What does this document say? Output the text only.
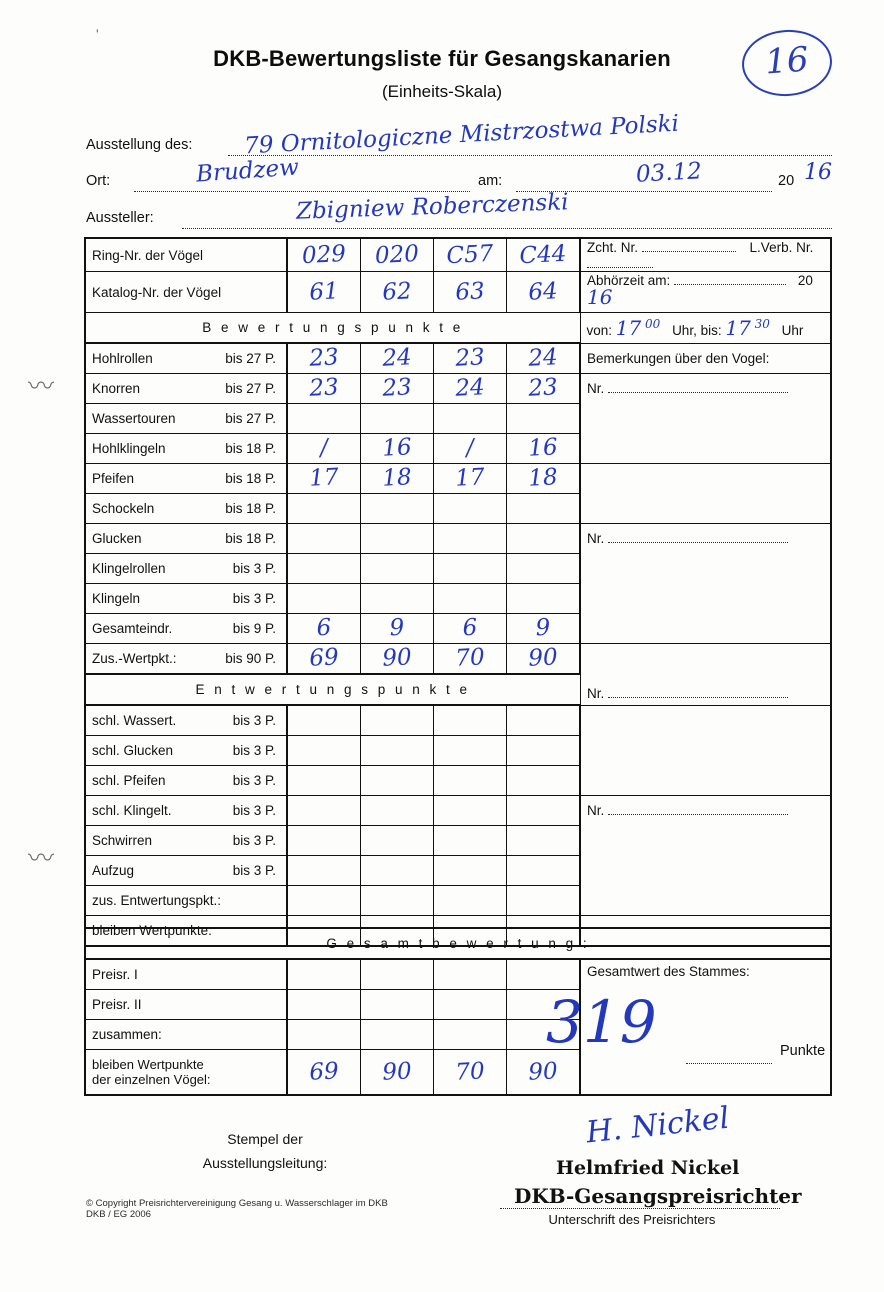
DKB-Bewertungsliste für Gesangskanarien
(Einheits-Skala)
16
Ausstellung des: 79 Ornitologiczne Mistrzostwa Polski
Ort:	Brudzew	am:	03.12	20 16
Aussteller:	Zbigniew Roberczenski
Ring-Nr. der Vögel	029	020	C57	C44	Zcht. Nr. L.Verb. Nr.
Katalog-Nr. der Vögel	61	62	63	64	Abhörzeit am: 20 16
B e w e r t u n g s p u n k t e					von: 17 00 Uhr, bis: 17 30 Uhr
Hohlrollen bis 27 P.	23	24	23	24	Bemerkungen über den Vogel:
Knorren bis 27 P.	23	23	24	23	Nr.
Wassertouren bis 27 P.					

Hohlklingeln bis 18 P.	/	16	/	16	

Pfeifen bis 18 P.	17	18	17	18	

Schockeln bis 18 P.					

Glucken bis 18 P.					Nr.
Klingelrollen bis 3 P.					

Klingeln bis 3 P.					

Gesamteindr. bis 9 P.	6	9	6	9	

Zus.-Wertpkt.: bis 90 P.	69	90	70	90	Nr.
E n t w e r t u n g s p u n k t e					
schl. Wassert. bis 3 P.					

schl. Glucken bis 3 P.					

schl. Pfeifen bis 3 P.					

schl. Klingelt. bis 3 P.					Nr.
Schwirren bis 3 P.					

Aufzug bis 3 P.					

zus. Entwertungspkt.:		

bleiben Wertpunkte:	

G e s a m t b e w e r t u n g :					
Preisr. I					Gesamtwert des Stammes:
Preisr. II		

zusammen:		

bleiben Wertpunkte
der einzelnen Vögel:	69	90	70	90	
319	Punkte
Stempel der
Ausstellungsleitung:
H. Nickel
Helmfried Nickel
DKB-Gesangspreisrichter
Unterschrift des Preisrichters
© Copyright Preisrichtervereinigung Gesang u. Wasserschlager im DKB
DKB / EG 2006
〰
〰
'
